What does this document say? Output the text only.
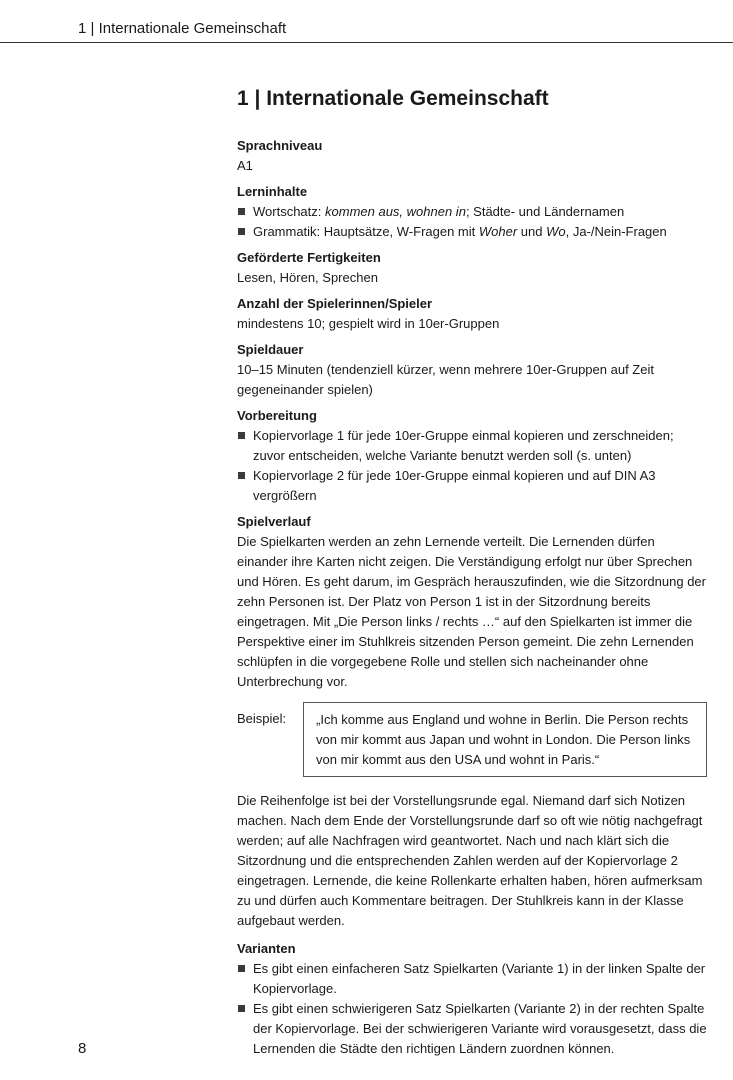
1 | Internationale Gemeinschaft
1 | Internationale Gemeinschaft

Sprachniveau

A1

Lerninhalte

Wortschatz: kommen aus, wohnen in; Städte- und Ländernamen
Grammatik: Hauptsätze, W-Fragen mit Woher und Wo, Ja-/Nein-Fragen

Geförderte Fertigkeiten

Lesen, Hören, Sprechen

Anzahl der Spielerinnen/Spieler

mindestens 10; gespielt wird in 10er-Gruppen

Spieldauer

10–15 Minuten (tendenziell kürzer, wenn mehrere 10er-Gruppen auf Zeit gegeneinander spielen)

Vorbereitung

Kopiervorlage 1 für jede 10er-Gruppe einmal kopieren und zerschneiden; zuvor entscheiden, welche Variante benutzt werden soll (s. unten)
Kopiervorlage 2 für jede 10er-Gruppe einmal kopieren und auf DIN A3 vergrößern

Spielverlauf

Die Spielkarten werden an zehn Lernende verteilt. Die Lernenden dürfen einander ihre Karten nicht zeigen. Die Verständigung erfolgt nur über Sprechen und Hören. Es geht darum, im Gespräch herauszufinden, wie die Sitzordnung der zehn Personen ist. Der Platz von Person 1 ist in der Sitzordnung bereits eingetragen. Mit „Die Person links / rechts …“ auf den Spielkarten ist immer die Perspektive einer im Stuhlkreis sitzenden Person gemeint. Die zehn Lernenden schlüpfen in die vorgegebene Rolle und stellen sich nacheinander ohne Unterbrechung vor.

Beispiel:	„Ich komme aus England und wohne in Berlin. Die Person rechts von mir kommt aus Japan und wohnt in London. Die Person links von mir kommt aus den USA und wohnt in Paris.“

Die Reihenfolge ist bei der Vorstellungsrunde egal. Niemand darf sich Notizen machen. Nach dem Ende der Vorstellungsrunde darf so oft wie nötig nachgefragt werden; auf alle Nachfragen wird geantwortet. Nach und nach klärt sich die Sitzordnung und die entsprechenden Zahlen werden auf der Kopiervorlage 2 eingetragen. Lernende, die keine Rollenkarte erhalten haben, hören aufmerksam zu und dürfen auch Kommentare beitragen. Der Stuhlkreis kann in der Klasse aufgebaut werden.

Varianten

Es gibt einen einfacheren Satz Spielkarten (Variante 1) in der linken Spalte der Kopiervorlage.
Es gibt einen schwierigeren Satz Spielkarten (Variante 2) in der rechten Spalte der Kopiervorlage. Bei der schwierigeren Variante wird vorausgesetzt, dass die Lernenden die Städte den richtigen Ländern zuordnen können.
8
